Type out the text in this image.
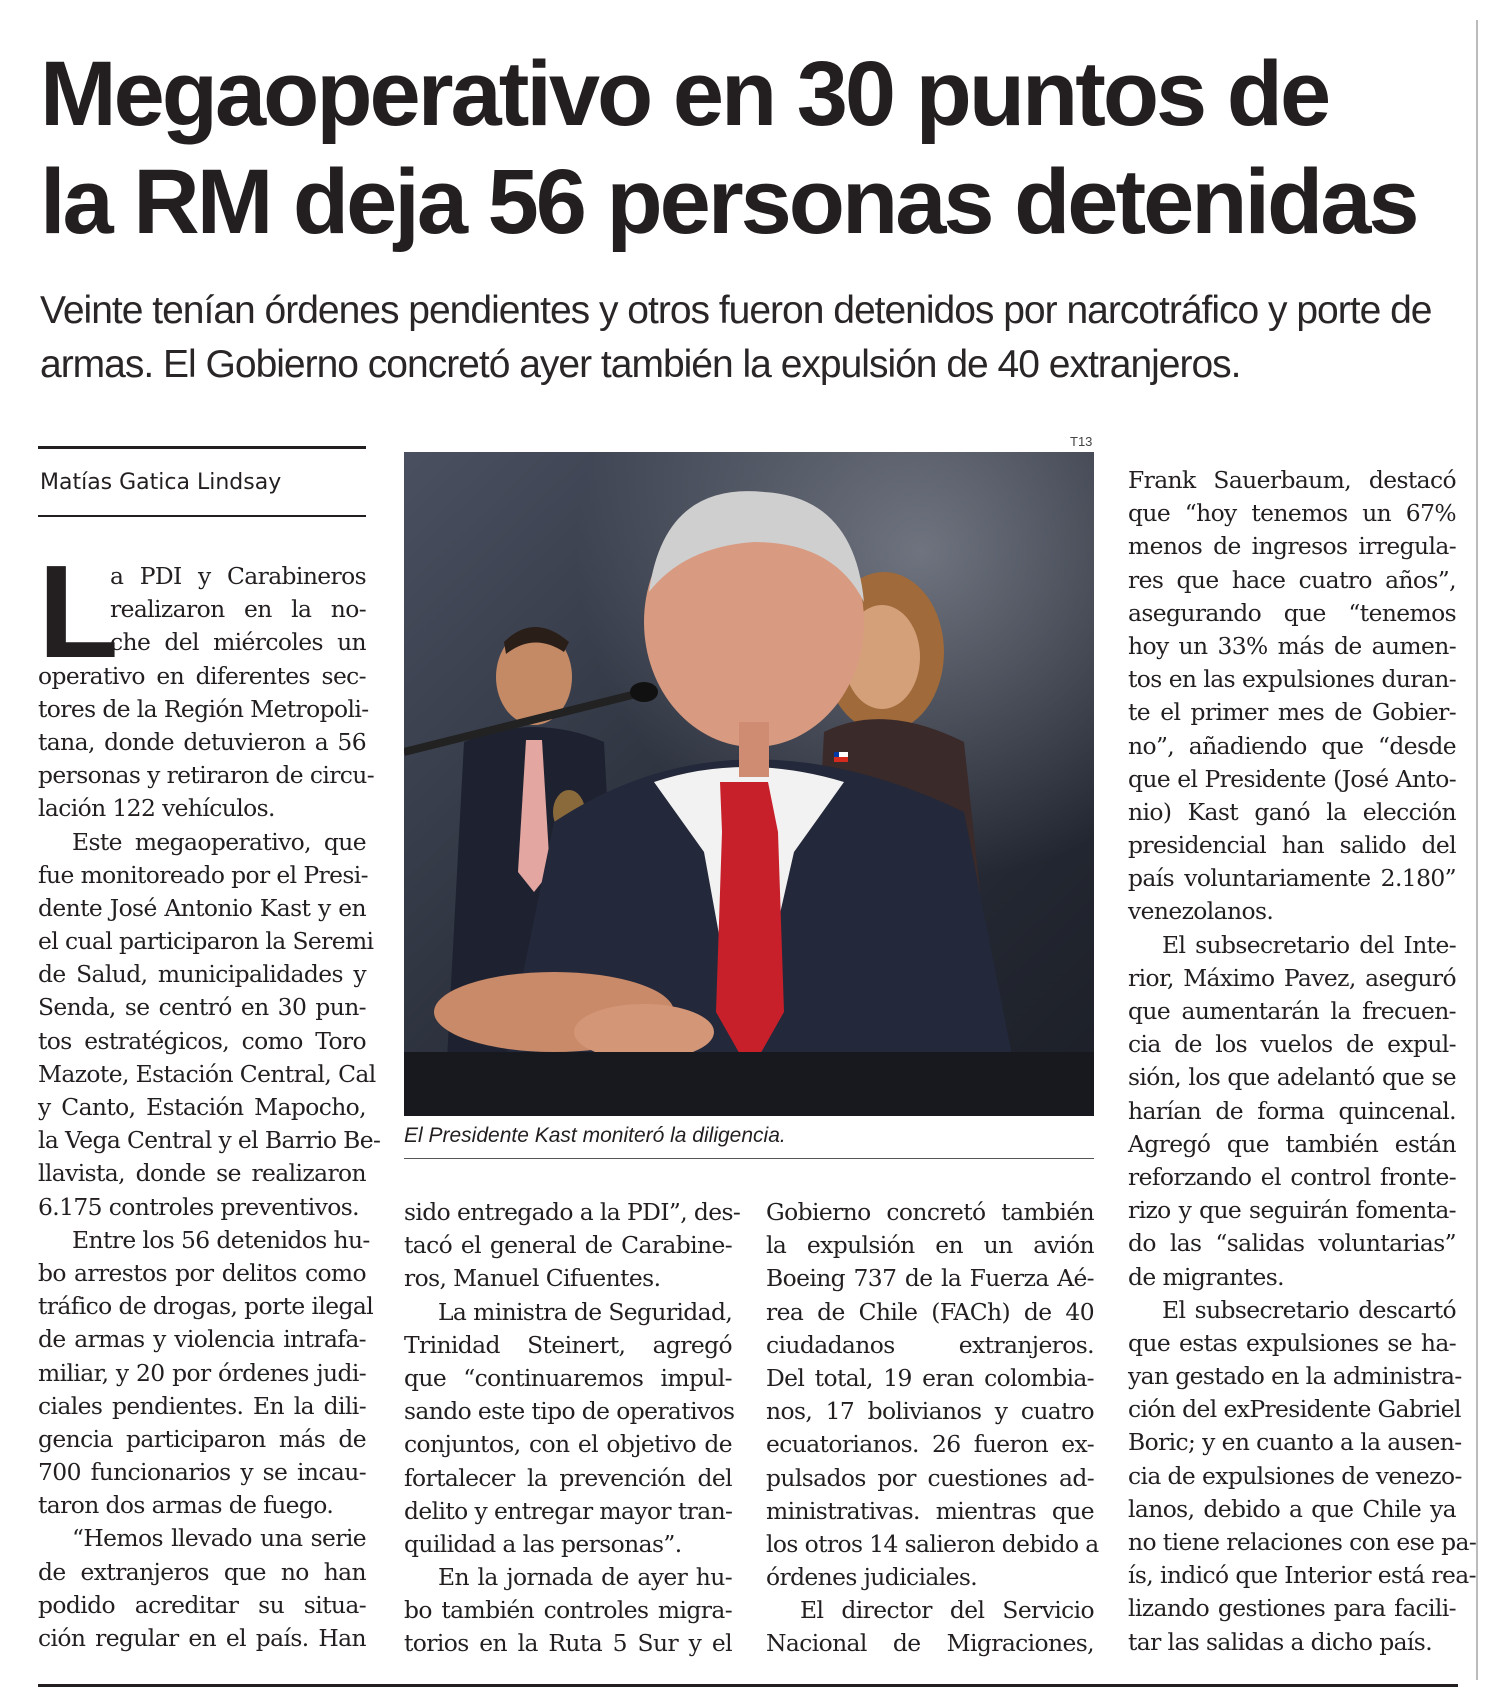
Megaoperativo en 30 puntos de
la RM deja 56 personas detenidas
Veinte tenían órdenes pendientes y otros fueron detenidos por narcotráfico y porte de
armas. El Gobierno concretó ayer también la expulsión de 40 extranjeros.
Matías Gatica Lindsay
L
a PDI y Carabineros
realizaron en la no-
che del miércoles un
operativo en diferentes sec-
tores de la Región Metropoli-
tana, donde detuvieron a 56
personas y retiraron de circu-
lación 122 vehículos.
Este megaoperativo, que
fue monitoreado por el Presi-
dente José Antonio Kast y en
el cual participaron la Seremi
de Salud, municipalidades y
Senda, se centró en 30 pun-
tos estratégicos, como Toro
Mazote, Estación Central, Cal
y Canto, Estación Mapocho,
la Vega Central y el Barrio Be-
llavista, donde se realizaron
6.175 controles preventivos.
Entre los 56 detenidos hu-
bo arrestos por delitos como
tráfico de drogas, porte ilegal
de armas y violencia intrafa-
miliar, y 20 por órdenes judi-
ciales pendientes. En la dili-
gencia participaron más de
700 funcionarios y se incau-
taron dos armas de fuego.
“Hemos llevado una serie
de extranjeros que no han
podido acreditar su situa-
ción regular en el país. Han
T13
El Presidente Kast moniteró la diligencia.
sido entregado a la PDI”, des-
tacó el general de Carabine-
ros, Manuel Cifuentes.
La ministra de Seguridad,
Trinidad Steinert, agregó
que “continuaremos impul-
sando este tipo de operativos
conjuntos, con el objetivo de
fortalecer la prevención del
delito y entregar mayor tran-
quilidad a las personas”.
En la jornada de ayer hu-
bo también controles migra-
torios en la Ruta 5 Sur y el
Gobierno concretó también
la expulsión en un avión
Boeing 737 de la Fuerza Aé-
rea de Chile (FACh) de 40
ciudadanos extranjeros.
Del total, 19 eran colombia-
nos, 17 bolivianos y cuatro
ecuatorianos. 26 fueron ex-
pulsados por cuestiones ad-
ministrativas. mientras que
los otros 14 salieron debido a
órdenes judiciales.
El director del Servicio
Nacional de Migraciones,
Frank Sauerbaum, destacó
que “hoy tenemos un 67%
menos de ingresos irregula-
res que hace cuatro años”,
asegurando que “tenemos
hoy un 33% más de aumen-
tos en las expulsiones duran-
te el primer mes de Gobier-
no”, añadiendo que “desde
que el Presidente (José Anto-
nio) Kast ganó la elección
presidencial han salido del
país voluntariamente 2.180”
venezolanos.
El subsecretario del Inte-
rior, Máximo Pavez, aseguró
que aumentarán la frecuen-
cia de los vuelos de expul-
sión, los que adelantó que se
harían de forma quincenal.
Agregó que también están
reforzando el control fronte-
rizo y que seguirán fomenta-
do las “salidas voluntarias”
de migrantes.
El subsecretario descartó
que estas expulsiones se ha-
yan gestado en la administra-
ción del exPresidente Gabriel
Boric; y en cuanto a la ausen-
cia de expulsiones de venezo-
lanos, debido a que Chile ya
no tiene relaciones con ese pa-
ís, indicó que Interior está rea-
lizando gestiones para facili-
tar las salidas a dicho país.
